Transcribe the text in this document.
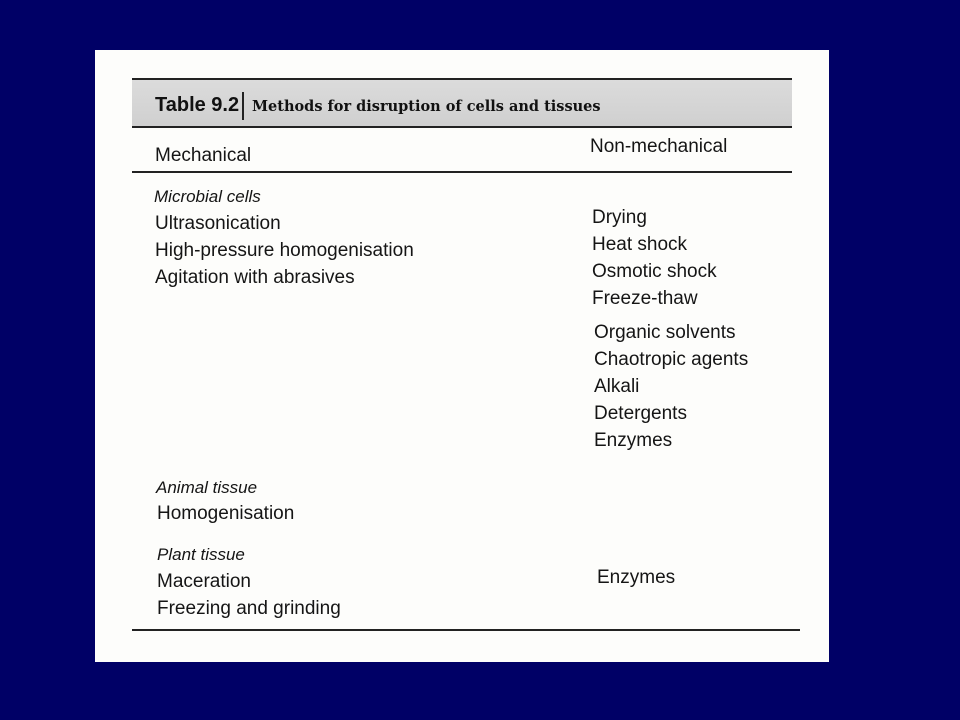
Table 9.2 Methods for disruption of cells and tissues
Mechanical	Non-mechanical
Microbial cells
Ultrasonication
High-pressure homogenisation
Agitation with abrasives
Drying
Heat shock
Osmotic shock
Freeze-thaw
Organic solvents
Chaotropic agents
Alkali
Detergents
Enzymes
Animal tissue
Homogenisation
Plant tissue
Maceration
Freezing and grinding
Enzymes
